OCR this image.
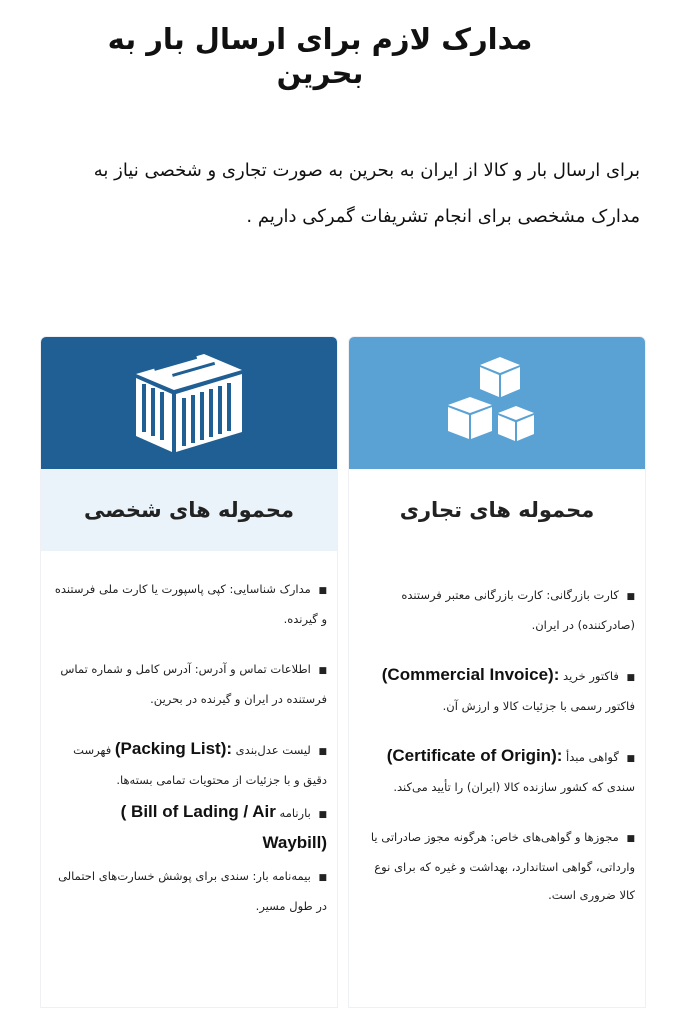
مدارک لازم برای ارسال بار به بحرین
برای ارسال بار و کالا از ایران به بحرین به صورت تجاری و شخصی نیاز به مدارک مشخصی برای انجام تشریفات گمرکی داریم .
محموله های تجاری
■ کارت بازرگانی: کارت بازرگانی معتبر فرستنده (صادرکننده) در ایران.
■ فاکتور خرید (Commercial Invoice):
فاکتور رسمی با جزئیات کالا و ارزش آن.
■ گواهی مبدأ (Certificate of Origin):
سندی که کشور سازنده کالا (ایران) را تأیید می‌کند.
■ مجوزها و گواهی‌های خاص: هرگونه مجوز صادراتی یا وارداتی، گواهی استاندارد، بهداشت و غیره که برای نوع کالا ضروری است.
محموله های شخصی
■ مدارک شناسایی: کپی پاسپورت یا کارت ملی فرستنده و گیرنده.
■ اطلاعات تماس و آدرس: آدرس کامل و شماره تماس فرستنده در ایران و گیرنده در بحرین.
■ لیست عدل‌بندی (Packing List): فهرست دقیق و با جزئیات از محتویات تمامی بسته‌ها.
■ بارنامه ( Bill of Lading / Air Waybill)
■ بیمه‌نامه بار: سندی برای پوشش خسارت‌های احتمالی در طول مسیر.
